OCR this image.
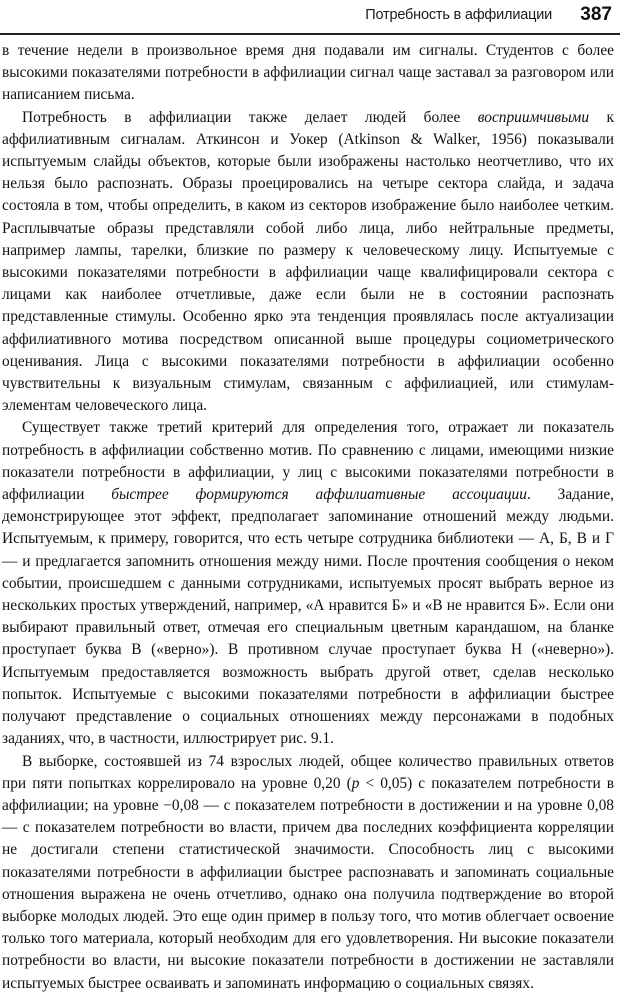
Потребность в аффилиации 387

в течение недели в произвольное время дня подавали им сигналы. Студентов с более высокими показателями потребности в аффилиации сигнал чаще заставал за разговором или написанием письма.

Потребность в аффилиации также делает людей более восприимчивыми к аффилиативным сигналам. Аткинсон и Уокер (Atkinson & Walker, 1956) показывали испытуемым слайды объектов, которые были изображены настолько неотчетливо, что их нельзя было распознать. Образы проецировались на четыре сектора слайда, и задача состояла в том, чтобы определить, в каком из секторов изображение было наиболее четким. Расплывчатые образы представляли собой либо лица, либо нейтральные предметы, например лампы, тарелки, близкие по размеру к человеческому лицу. Испытуемые с высокими показателями потребности в аффилиации чаще квалифицировали сектора с лицами как наиболее отчетливые, даже если были не в состоянии распознать представленные стимулы. Особенно ярко эта тенденция проявлялась после актуализации аффилиативного мотива посредством описанной выше процедуры социометрического оценивания. Лица с высокими показателями потребности в аффилиации особенно чувствительны к визуальным стимулам, связанным с аффилиацией, или стимулам-элементам человеческого лица.

Существует также третий критерий для определения того, отражает ли показатель потребность в аффилиации собственно мотив. По сравнению с лицами, имеющими низкие показатели потребности в аффилиации, у лиц с высокими показателями потребности в аффилиации быстрее формируются аффилиативные ассоциации. Задание, демонстрирующее этот эффект, предполагает запоминание отношений между людьми. Испытуемым, к примеру, говорится, что есть четыре сотрудника библиотеки — А, Б, В и Г — и предлагается запомнить отношения между ними. После прочтения сообщения о неком событии, происшедшем с данными сотрудниками, испытуемых просят выбрать верное из нескольких простых утверждений, например, «А нравится Б» и «В не нравится Б». Если они выбирают правильный ответ, отмечая его специальным цветным карандашом, на бланке проступает буква В («верно»). В противном случае проступает буква Н («неверно»). Испытуемым предоставляется возможность выбрать другой ответ, сделав несколько попыток. Испытуемые с высокими показателями потребности в аффилиации быстрее получают представление о социальных отношениях между персонажами в подобных заданиях, что, в частности, иллюстрирует рис. 9.1.

В выборке, состоявшей из 74 взрослых людей, общее количество правильных ответов при пяти попытках коррелировало на уровне 0,20 (p < 0,05) с показателем потребности в аффилиации; на уровне −0,08 — с показателем потребности в достижении и на уровне 0,08 — с показателем потребности во власти, причем два последних коэффициента корреляции не достигали степени статистической значимости. Способность лиц с высокими показателями потребности в аффилиации быстрее распознавать и запоминать социальные отношения выражена не очень отчетливо, однако она получила подтверждение во второй выборке молодых людей. Это еще один пример в пользу того, что мотив облегчает освоение только того материала, который необходим для его удовлетворения. Ни высокие показатели потребности во власти, ни высокие показатели потребности в достижении не заставляли испытуемых быстрее осваивать и запоминать информацию о социальных связях.
